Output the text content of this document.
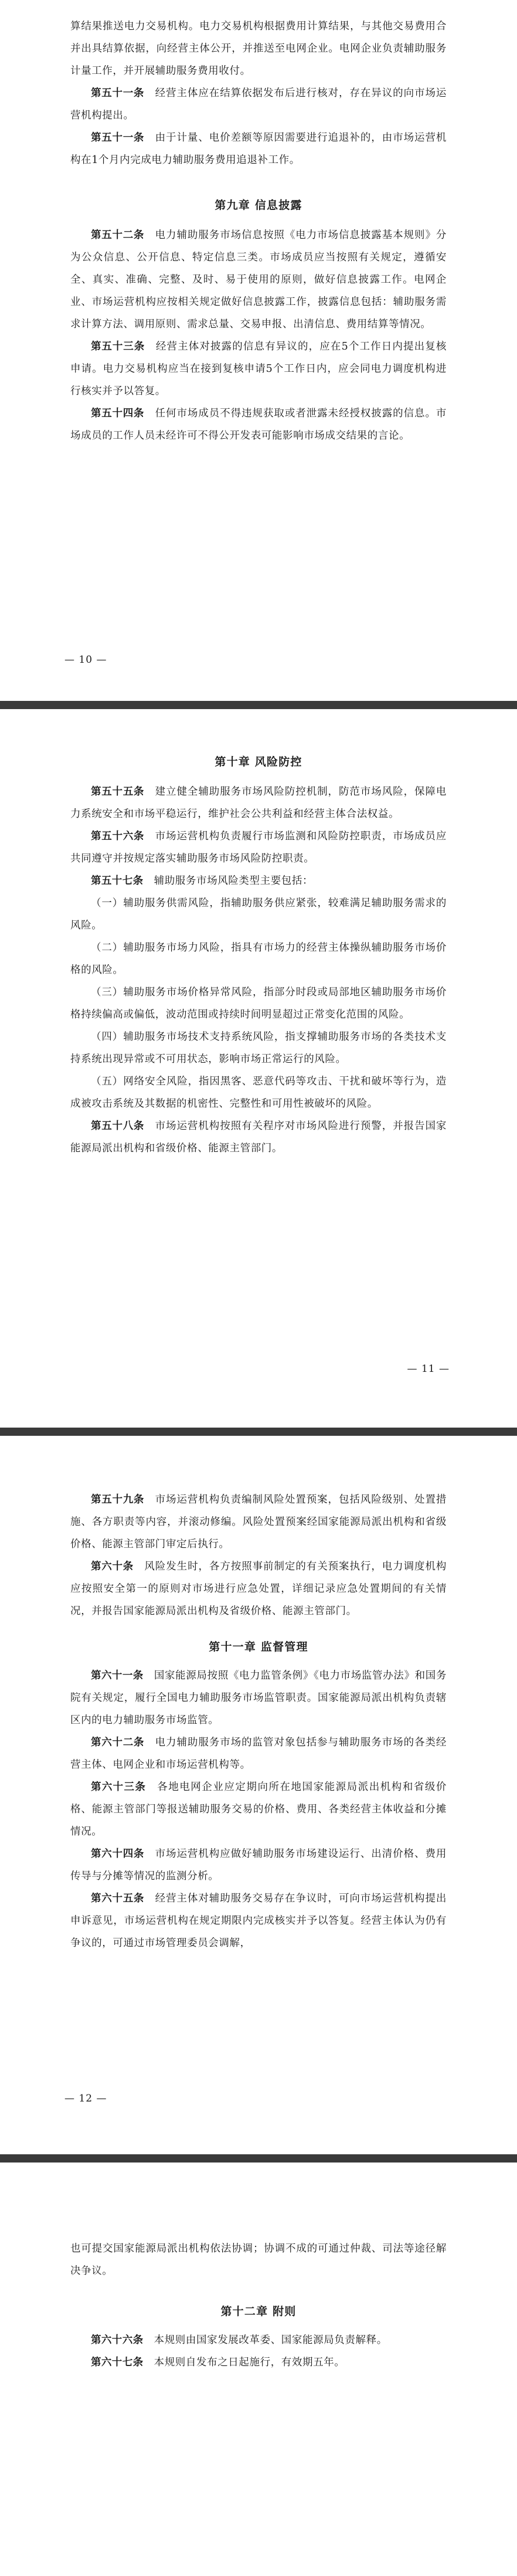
算结果推送电力交易机构。电力交易机构根据费用计算结果，与其他交易费用合并出具结算依据，向经营主体公开，并推送至电网企业。电网企业负责辅助服务计量工作，并开展辅助服务费用收付。

第五十一条  经营主体应在结算依据发布后进行核对，存在异议的向市场运营机构提出。

第五十一条  由于计量、电价差额等原因需要进行追退补的，由市场运营机构在1个月内完成电力辅助服务费用追退补工作。

第九章 信息披露

第五十二条  电力辅助服务市场信息按照《电力市场信息披露基本规则》分为公众信息、公开信息、特定信息三类。市场成员应当按照有关规定，遵循安全、真实、准确、完整、及时、易于使用的原则，做好信息披露工作。电网企业、市场运营机构应按相关规定做好信息披露工作，披露信息包括：辅助服务需求计算方法、调用原则、需求总量、交易申报、出清信息、费用结算等情况。

第五十三条  经营主体对披露的信息有异议的，应在5个工作日内提出复核申请。电力交易机构应当在接到复核申请5个工作日内，应会同电力调度机构进行核实并予以答复。

第五十四条  任何市场成员不得违规获取或者泄露未经授权披露的信息。市场成员的工作人员未经许可不得公开发表可能影响市场成交结果的言论。

— 10 —

第十章 风险防控

第五十五条  建立健全辅助服务市场风险防控机制，防范市场风险，保障电力系统安全和市场平稳运行，维护社会公共利益和经营主体合法权益。

第五十六条  市场运营机构负责履行市场监测和风险防控职责，市场成员应共同遵守并按规定落实辅助服务市场风险防控职责。

第五十七条  辅助服务市场风险类型主要包括：

（一）辅助服务供需风险，指辅助服务供应紧张，较难满足辅助服务需求的风险。

（二）辅助服务市场力风险，指具有市场力的经营主体操纵辅助服务市场价格的风险。

（三）辅助服务市场价格异常风险，指部分时段或局部地区辅助服务市场价格持续偏高或偏低，波动范围或持续时间明显超过正常变化范围的风险。

（四）辅助服务市场技术支持系统风险，指支撑辅助服务市场的各类技术支持系统出现异常或不可用状态，影响市场正常运行的风险。

（五）网络安全风险，指因黑客、恶意代码等攻击、干扰和破坏等行为，造成被攻击系统及其数据的机密性、完整性和可用性被破坏的风险。

第五十八条  市场运营机构按照有关程序对市场风险进行预警，并报告国家能源局派出机构和省级价格、能源主管部门。

— 11 —

第五十九条  市场运营机构负责编制风险处置预案，包括风险级别、处置措施、各方职责等内容，并滚动修编。风险处置预案经国家能源局派出机构和省级价格、能源主管部门审定后执行。

第六十条  风险发生时，各方按照事前制定的有关预案执行，电力调度机构应按照安全第一的原则对市场进行应急处置，详细记录应急处置期间的有关情况，并报告国家能源局派出机构及省级价格、能源主管部门。

第十一章 监督管理

第六十一条  国家能源局按照《电力监管条例》《电力市场监管办法》和国务院有关规定，履行全国电力辅助服务市场监管职责。国家能源局派出机构负责辖区内的电力辅助服务市场监管。

第六十二条  电力辅助服务市场的监管对象包括参与辅助服务市场的各类经营主体、电网企业和市场运营机构等。

第六十三条  各地电网企业应定期向所在地国家能源局派出机构和省级价格、能源主管部门等报送辅助服务交易的价格、费用、各类经营主体收益和分摊情况。

第六十四条  市场运营机构应做好辅助服务市场建设运行、出清价格、费用传导与分摊等情况的监测分析。

第六十五条  经营主体对辅助服务交易存在争议时，可向市场运营机构提出申诉意见，市场运营机构在规定期限内完成核实并予以答复。经营主体认为仍有争议的，可通过市场管理委员会调解，

— 12 —

也可提交国家能源局派出机构依法协调；协调不成的可通过仲裁、司法等途径解决争议。

第十二章 附则

第六十六条  本规则由国家发展改革委、国家能源局负责解释。

第六十七条  本规则自发布之日起施行，有效期五年。
